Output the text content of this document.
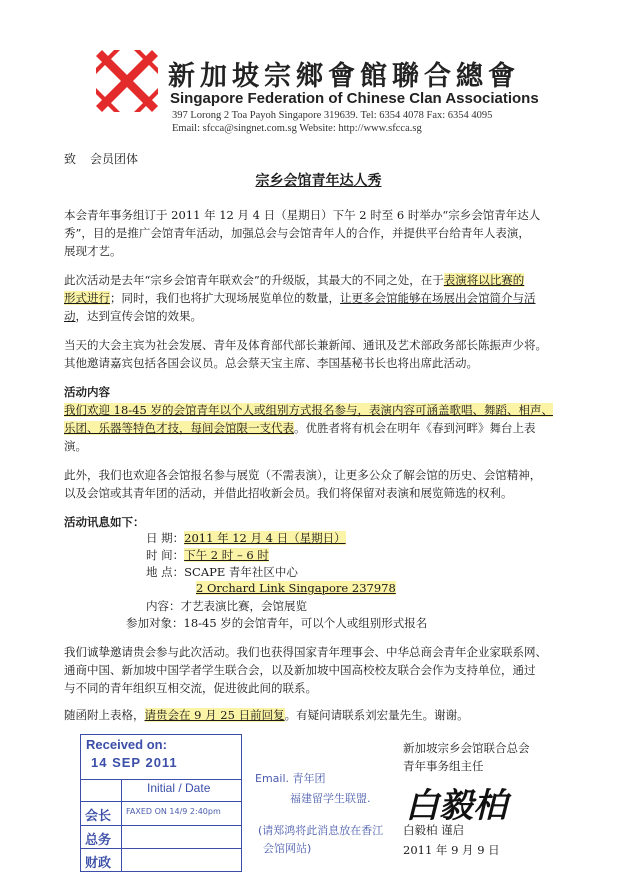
新加坡宗鄉會館聯合總會
Singapore Federation of Chinese Clan Associations
397 Lorong 2 Toa Payoh Singapore 319639. Tel: 6354 4078 Fax: 6354 4095
Email: sfcca@singnet.com.sg Website: http://www.sfcca.sg
致 会员团体
宗乡会馆青年达人秀
本会青年事务组订于 2011 年 12 月 4 日（星期日）下午 2 时至 6 时举办“宗乡会馆青年达人
秀”，目的是推广会馆青年活动，加强总会与会馆青年人的合作，并提供平台给青年人表演，
展现才艺。
此次活动是去年“宗乡会馆青年联欢会”的升级版，其最大的不同之处，在于表演将以比赛的
形式进行；同时，我们也将扩大现场展览单位的数量，让更多会馆能够在场展出会馆简介与活
动，达到宣传会馆的效果。
当天的大会主宾为社会发展、青年及体育部代部长兼新闻、通讯及艺术部政务部长陈振声少将。
其他邀请嘉宾包括各国会议员。总会蔡天宝主席、李国基秘书长也将出席此活动。
活动内容
我们欢迎 18-45 岁的会馆青年以个人或组别方式报名参与，表演内容可涵盖歌唱、舞蹈、相声、
乐团、乐器等特色才技，每间会馆限一支代表。优胜者将有机会在明年《春到河畔》舞台上表
演。
此外，我们也欢迎各会馆报名参与展览（不需表演），让更多公众了解会馆的历史、会馆精神，
以及会馆或其青年团的活动，并借此招收新会员。我们将保留对表演和展览筛选的权利。
活动讯息如下：
日 期：2011 年 12 月 4 日（星期日）
时 间：下午 2 时 – 6 时
地 点：SCAPE 青年社区中心
2 Orchard Link Singapore 237978
内容：才艺表演比赛，会馆展览
参加对象：18-45 岁的会馆青年，可以个人或组别形式报名
我们诚挚邀请贵会参与此次活动。我们也获得国家青年理事会、中华总商会青年企业家联系网、
通商中国、新加坡中国学者学生联合会，以及新加坡中国高校校友联合会作为支持单位，通过
与不同的青年组织互相交流，促进彼此间的联系。
随函附上表格，请贵会在 9 月 25 日前回复。有疑问请联系刘宏量先生。谢谢。
Received on:
14 SEP 2011
Initial / Date
会长
总务
财政
FAXED ON 14/9 2:40pm
Email. 青年团
福建留学生联盟.
(请郑鸿将此消息放在香江
会馆网站)
新加坡宗乡会馆联合总会
青年事务组主任
白毅柏
白毅柏 谨启
2011 年 9 月 9 日
